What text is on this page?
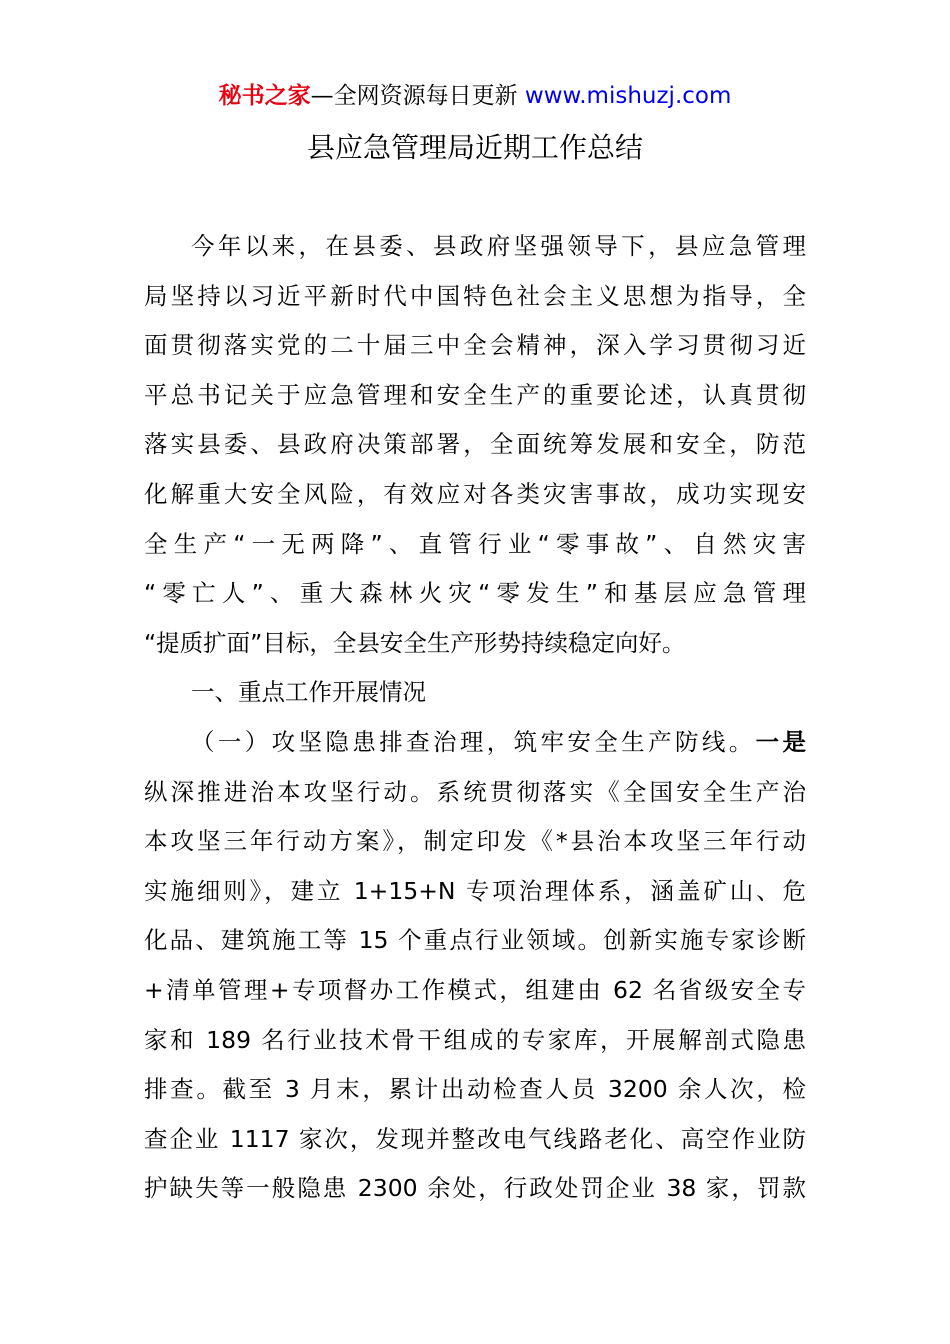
秘书之家—全网资源每日更新 www.mishuzj.com
县应急管理局近期工作总结
今年以来，在县委、县政府坚强领导下，县应急管理
局坚持以习近平新时代中国特色社会主义思想为指导，全
面贯彻落实党的二十届三中全会精神，深入学习贯彻习近
平总书记关于应急管理和安全生产的重要论述，认真贯彻
落实县委、县政府决策部署，全面统筹发展和安全，防范
化解重大安全风险，有效应对各类灾害事故，成功实现安
全生产“一无两降”、直管行业“零事故”、自然灾害
“零亡人”、重大森林火灾“零发生”和基层应急管理
“提质扩面”目标，全县安全生产形势持续稳定向好。
一、重点工作开展情况
（一）攻坚隐患排查治理，筑牢安全生产防线。一是
纵深推进治本攻坚行动。系统贯彻落实《全国安全生产治
本攻坚三年行动方案》，制定印发《*县治本攻坚三年行动
实施细则》，建立 1+15+N 专项治理体系，涵盖矿山、危
化品、建筑施工等 15 个重点行业领域。创新实施专家诊断
+清单管理+专项督办工作模式，组建由 62 名省级安全专
家和 189 名行业技术骨干组成的专家库，开展解剖式隐患
排查。截至 3 月末，累计出动检查人员 3200 余人次，检
查企业 1117 家次，发现并整改电气线路老化、高空作业防
护缺失等一般隐患 2300 余处，行政处罚企业 38 家，罚款
